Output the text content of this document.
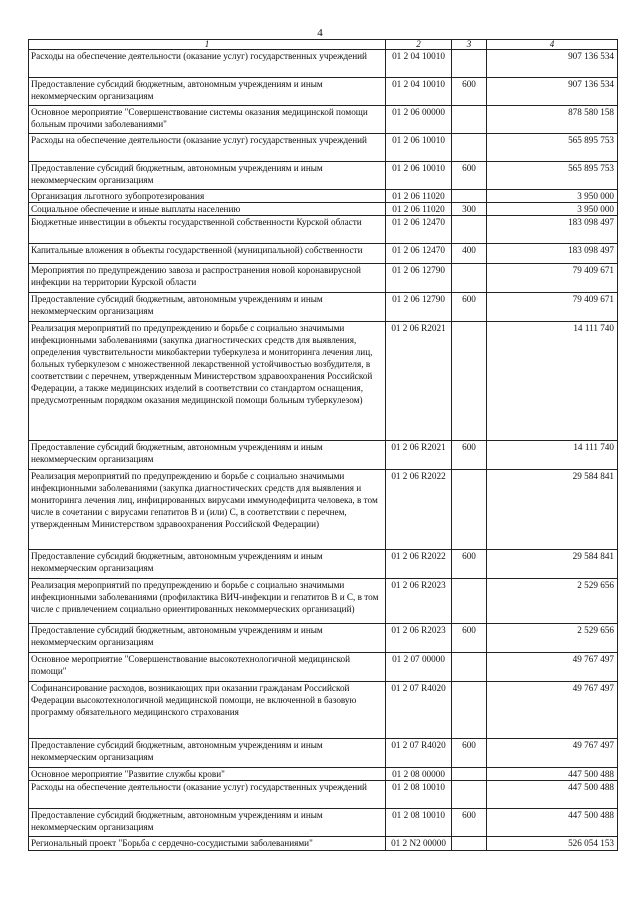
4
1	2	3	4
Расходы на обеспечение деятельности (оказание услуг) государственных учреждений	01 2 04 10010		907 136 534
Предоставление субсидий бюджетным, автономным учреждениям и иным некоммерческим организациям	01 2 04 10010	600	907 136 534
Основное мероприятие "Совершенствование системы оказания медицинской помощи больным прочими заболеваниями"	01 2 06 00000		878 580 158
Расходы на обеспечение деятельности (оказание услуг) государственных учреждений	01 2 06 10010		565 895 753
Предоставление субсидий бюджетным, автономным учреждениям и иным некоммерческим организациям	01 2 06 10010	600	565 895 753
Организация льготного зубопротезирования	01 2 06 11020		3 950 000
Социальное обеспечение и иные выплаты населению	01 2 06 11020	300	3 950 000
Бюджетные инвестиции в объекты государственной собственности Курской области	01 2 06 12470		183 098 497
Капитальные вложения в объекты государственной (муниципальной) собственности	01 2 06 12470	400	183 098 497
Мероприятия по предупреждению завоза и распространения новой коронавирусной инфекции на территории Курской области	01 2 06 12790		79 409 671
Предоставление субсидий бюджетным, автономным учреждениям и иным некоммерческим организациям	01 2 06 12790	600	79 409 671
Реализация мероприятий по предупреждению и борьбе с социально значимыми инфекционными заболеваниями (закупка диагностических средств для выявления, определения чувствительности микобактерии туберкулеза и мониторинга лечения лиц, больных туберкулезом с множественной лекарственной устойчивостью возбудителя, в соответствии с перечнем, утвержденным Министерством здравоохранения Российской Федерации, а также медицинских изделий в соответствии со стандартом оснащения, предусмотренным порядком оказания медицинской помощи больным туберкулезом)	01 2 06 R2021		14 111 740
Предоставление субсидий бюджетным, автономным учреждениям и иным некоммерческим организациям	01 2 06 R2021	600	14 111 740
Реализация мероприятий по предупреждению и борьбе с социально значимыми инфекционными заболеваниями (закупка диагностических средств для выявления и мониторинга лечения лиц, инфицированных вирусами иммунодефицита человека, в том числе в сочетании с вирусами гепатитов В и (или) С, в соответствии с перечнем, утвержденным Министерством здравоохранения Российской Федерации)	01 2 06 R2022		29 584 841
Предоставление субсидий бюджетным, автономным учреждениям и иным некоммерческим организациям	01 2 06 R2022	600	29 584 841
Реализация мероприятий по предупреждению и борьбе с социально значимыми инфекционными заболеваниями (профилактика ВИЧ-инфекции и гепатитов В и С, в том числе с привлечением социально ориентированных некоммерческих организаций)	01 2 06 R2023		2 529 656
Предоставление субсидий бюджетным, автономным учреждениям и иным некоммерческим организациям	01 2 06 R2023	600	2 529 656
Основное мероприятие "Совершенствование высокотехнологичной медицинской помощи"	01 2 07 00000		49 767 497
Софинансирование расходов, возникающих при оказании гражданам Российской Федерации высокотехнологичной медицинской помощи, не включенной в базовую программу обязательного медицинского страхования	01 2 07 R4020		49 767 497
Предоставление субсидий бюджетным, автономным учреждениям и иным некоммерческим организациям	01 2 07 R4020	600	49 767 497
Основное мероприятие "Развитие службы крови"	01 2 08 00000		447 500 488
Расходы на обеспечение деятельности (оказание услуг) государственных учреждений	01 2 08 10010		447 500 488
Предоставление субсидий бюджетным, автономным учреждениям и иным некоммерческим организациям	01 2 08 10010	600	447 500 488
Региональный проект "Борьба с сердечно-сосудистыми заболеваниями"	01 2 N2 00000		526 054 153
